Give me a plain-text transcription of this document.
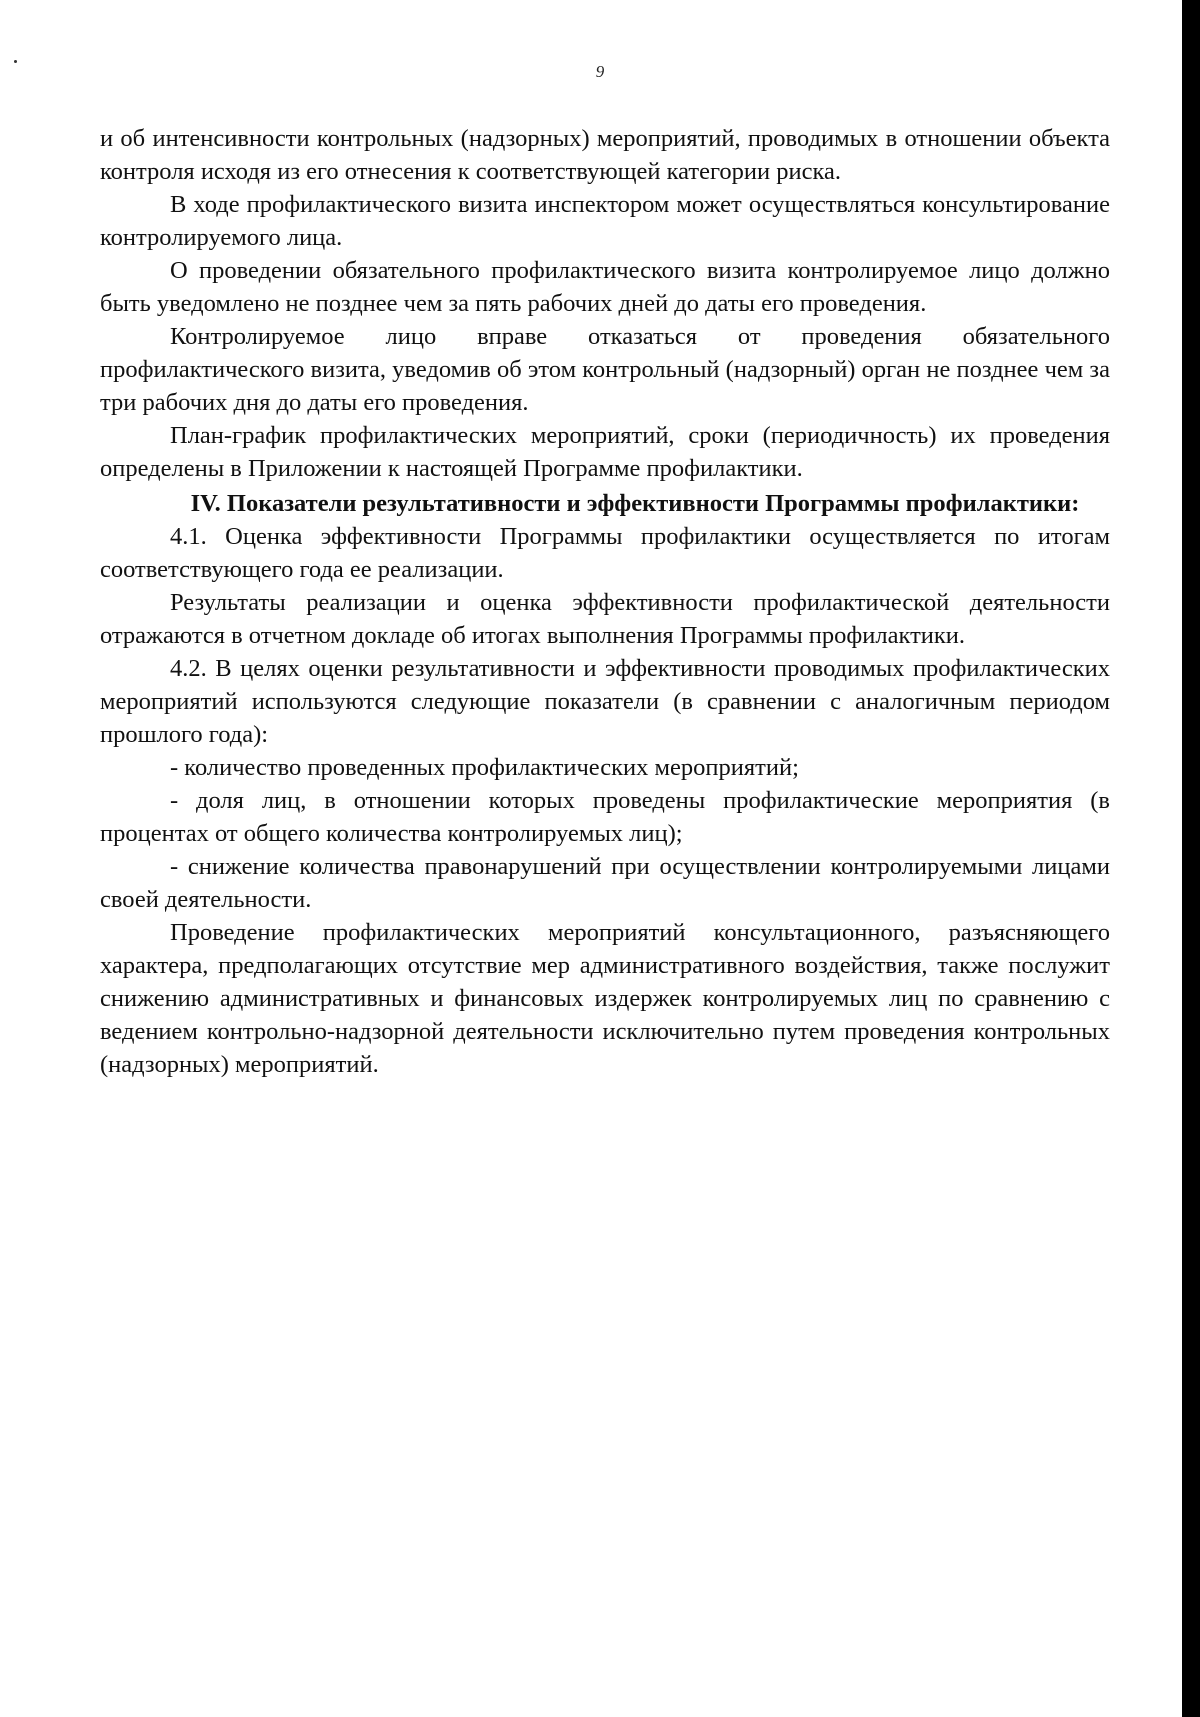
9

и об интенсивности контрольных (надзорных) мероприятий, проводимых в отношении объекта контроля исходя из его отнесения к соответствующей категории риска.

В ходе профилактического визита инспектором может осуществляться консультирование контролируемого лица.

О проведении обязательного профилактического визита контролируемое лицо должно быть уведомлено не позднее чем за пять рабочих дней до даты его проведения.

Контролируемое лицо вправе отказаться от проведения обязательного профилактического визита, уведомив об этом контрольный (надзорный) орган не позднее чем за три рабочих дня до даты его проведения.

План-график профилактических мероприятий, сроки (периодичность) их проведения определены в Приложении к настоящей Программе профилактики.

IV. Показатели результативности и эффективности Программы профилактики:

4.1. Оценка эффективности Программы профилактики осуществляется по итогам соответствующего года ее реализации.

Результаты реализации и оценка эффективности профилактической деятельности отражаются в отчетном докладе об итогах выполнения Программы профилактики.

4.2. В целях оценки результативности и эффективности проводимых профилактических мероприятий используются следующие показатели (в сравнении с аналогичным периодом прошлого года):

- количество проведенных профилактических мероприятий;

- доля лиц, в отношении которых проведены профилактические мероприятия (в процентах от общего количества контролируемых лиц);

- снижение количества правонарушений при осуществлении контролируемыми лицами своей деятельности.

Проведение профилактических мероприятий консультационного, разъясняющего характера, предполагающих отсутствие мер административного воздействия, также послужит снижению административных и финансовых издержек контролируемых лиц по сравнению с ведением контрольно-надзорной деятельности исключительно путем проведения контрольных (надзорных) мероприятий.
